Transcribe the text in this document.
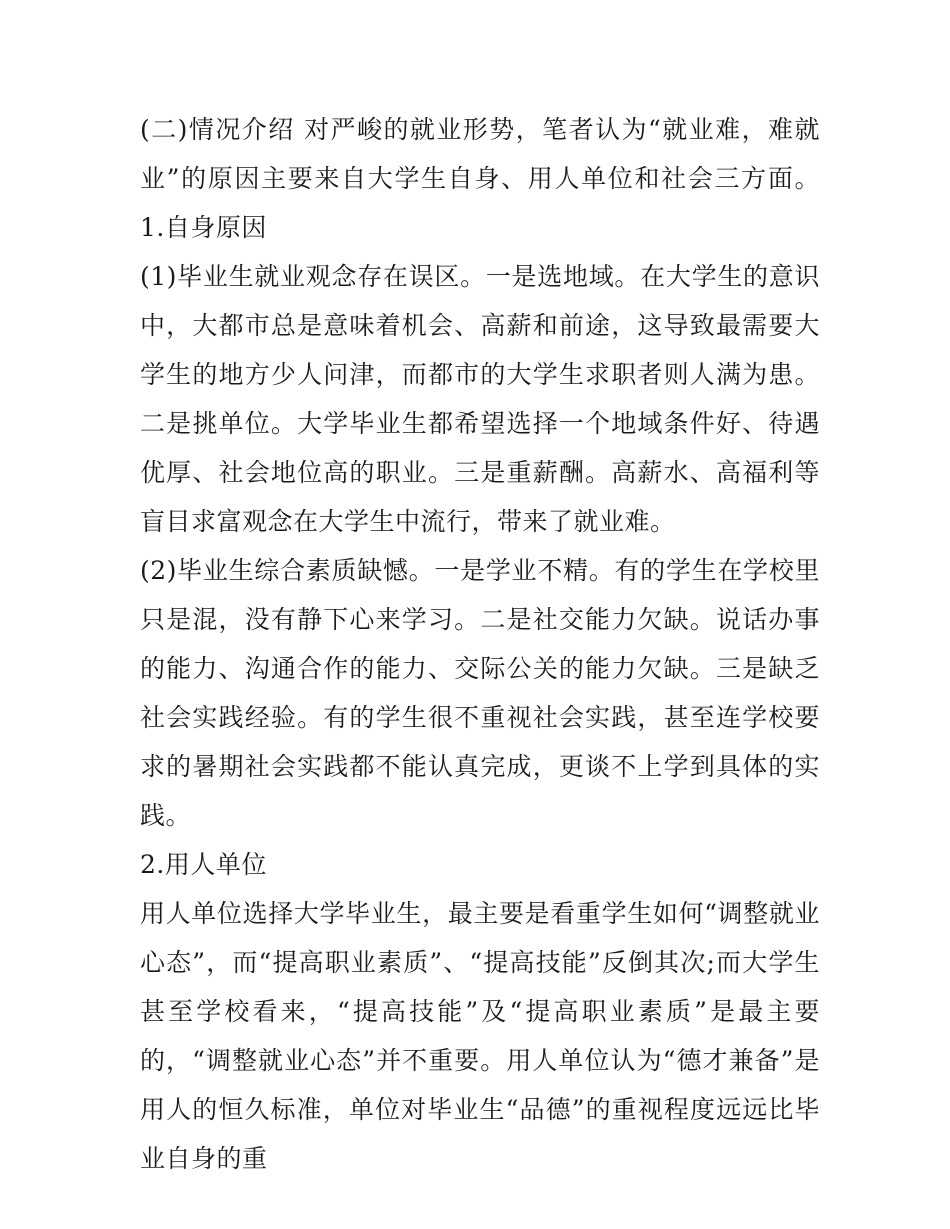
(二)情况介绍 对严峻的就业形势，笔者认为“就业难，难就业”的原因主要来自大学生自身、用人单位和社会三方面。 1.自身原因

(1)毕业生就业观念存在误区。一是选地域。在大学生的意识中，大都市总是意味着机会、高薪和前途，这导致最需要大学生的地方少人问津，而都市的大学生求职者则人满为患。二是挑单位。大学毕业生都希望选择一个地域条件好、待遇优厚、社会地位高的职业。三是重薪酬。高薪水、高福利等盲目求富观念在大学生中流行，带来了就业难。

(2)毕业生综合素质缺憾。一是学业不精。有的学生在学校里只是混，没有静下心来学习。二是社交能力欠缺。说话办事的能力、沟通合作的能力、交际公关的能力欠缺。三是缺乏社会实践经验。有的学生很不重视社会实践，甚至连学校要求的暑期社会实践都不能认真完成，更谈不上学到具体的实践。

2.用人单位

用人单位选择大学毕业生，最主要是看重学生如何“调整就业心态”，而“提高职业素质”、“提高技能”反倒其次;而大学生甚至学校看来，“提高技能”及“提高职业素质”是最主要的，“调整就业心态”并不重要。用人单位认为“德才兼备”是用人的恒久标准，单位对毕业生“品德”的重视程度远远比毕业自身的重
